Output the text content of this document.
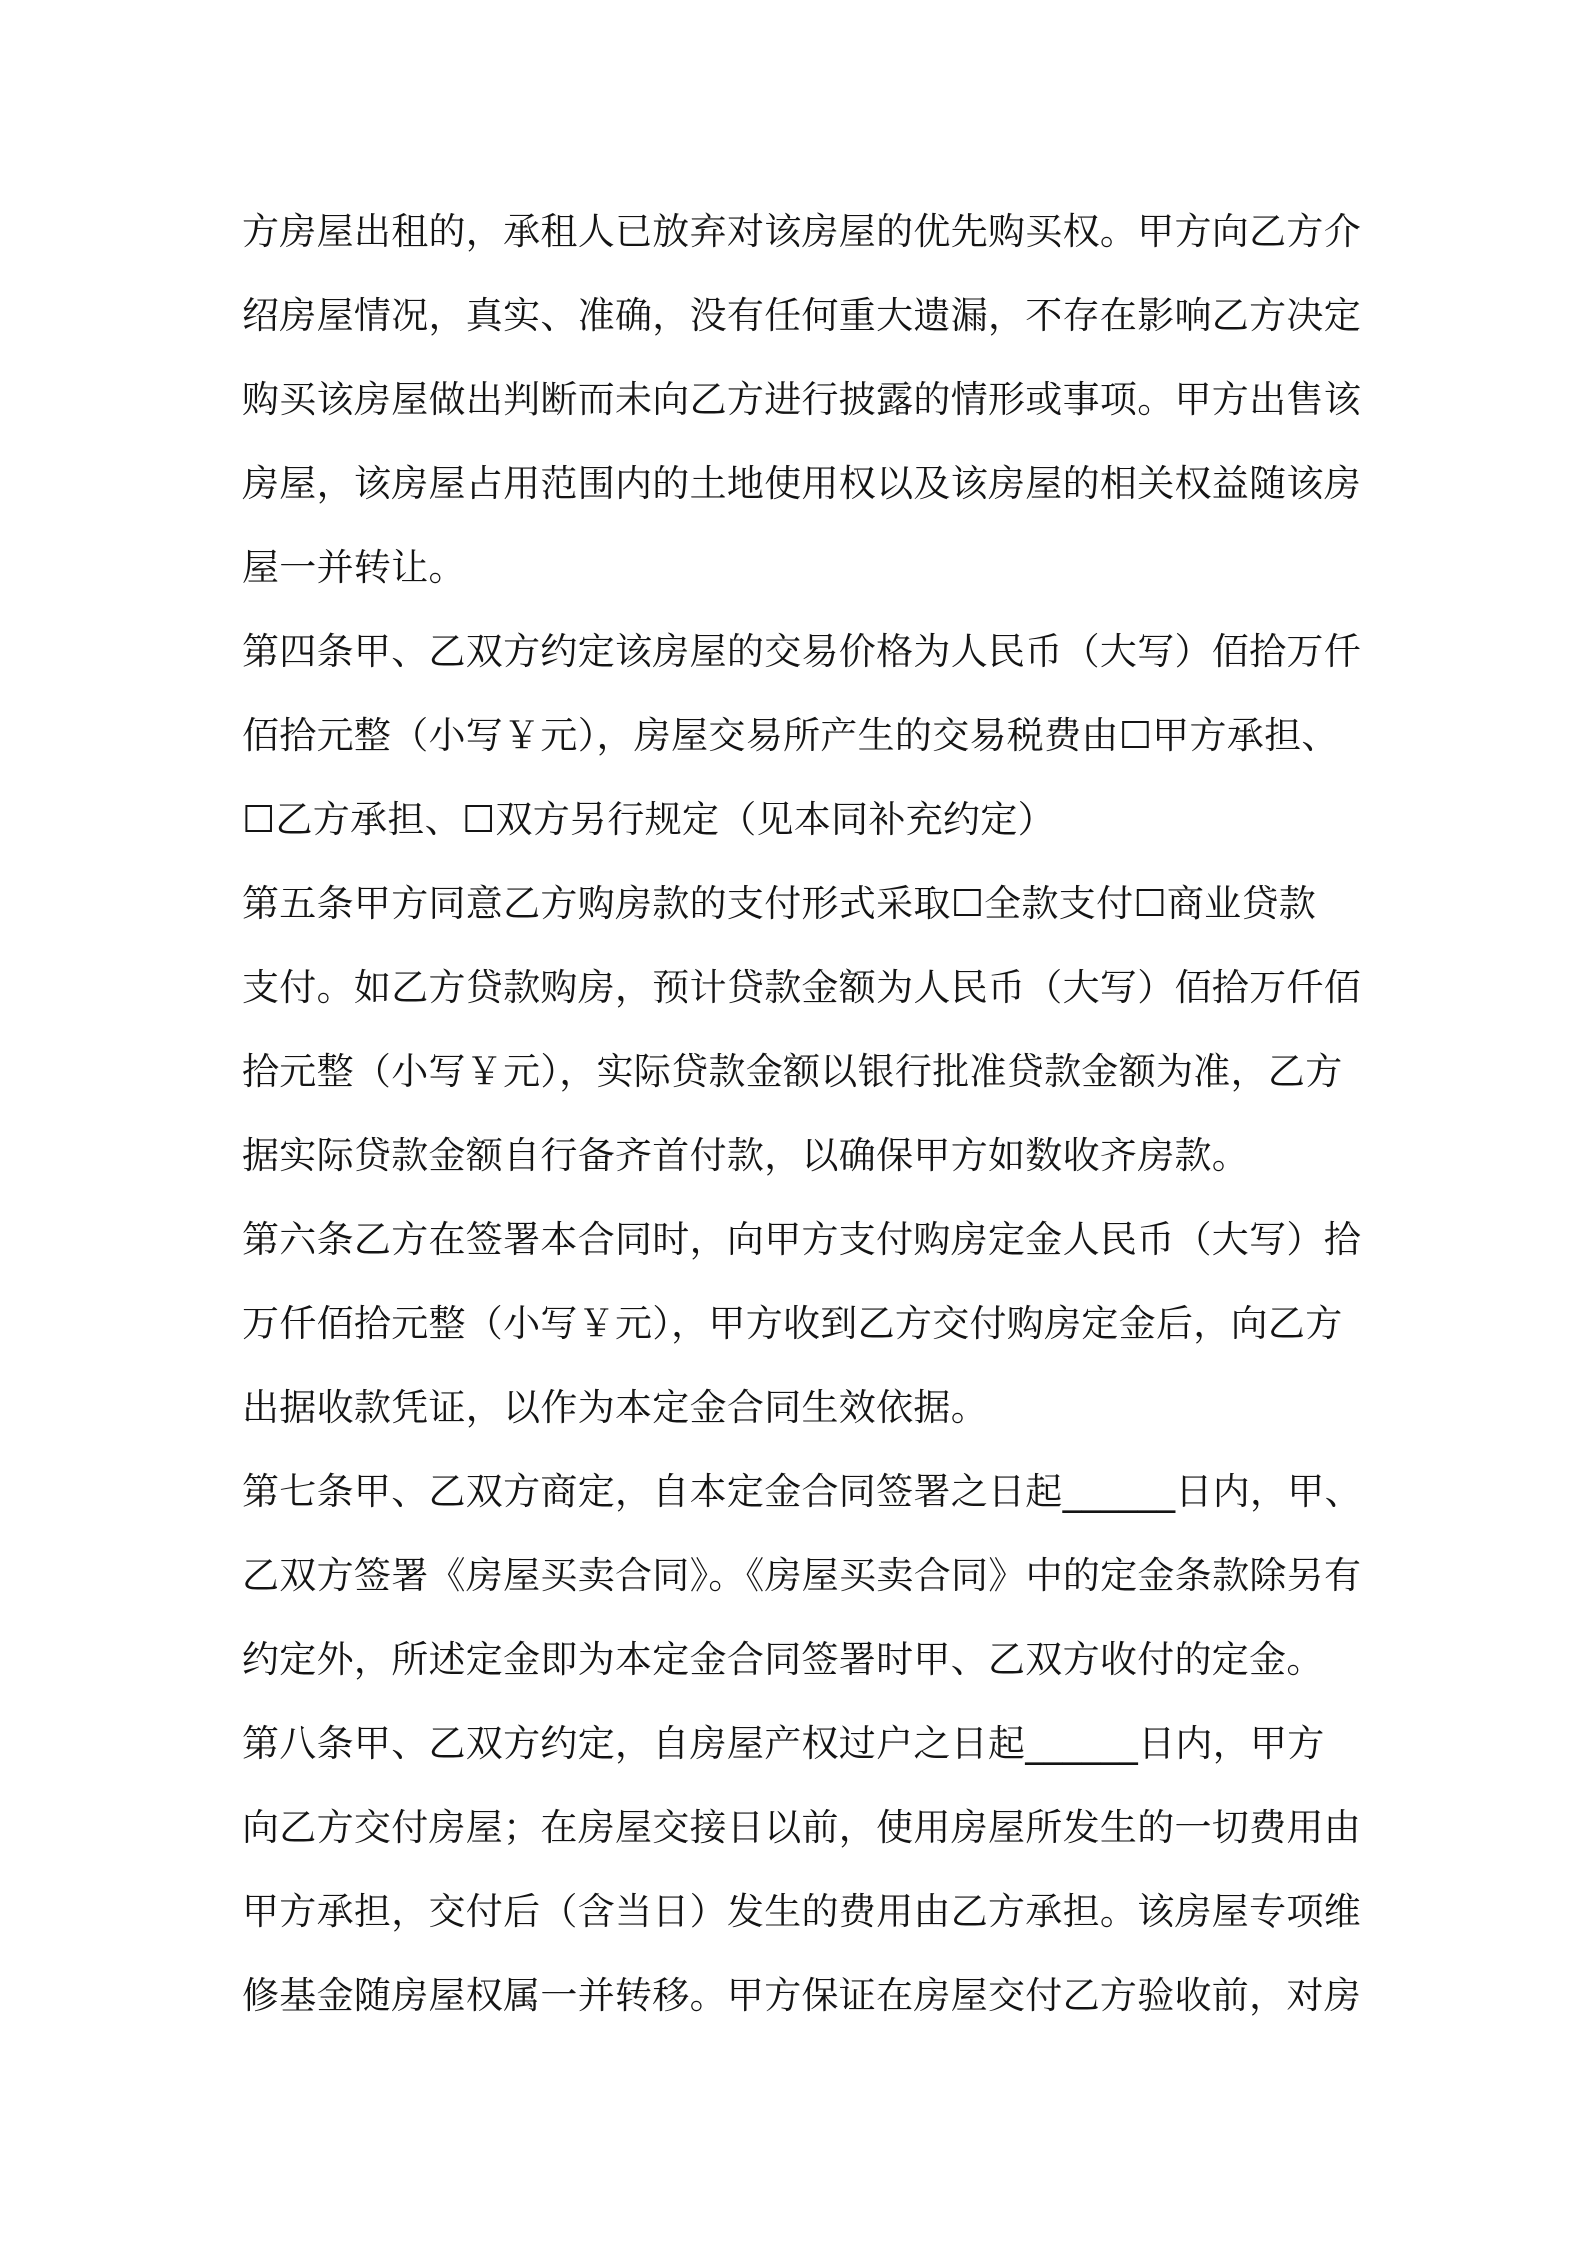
方房屋出租的，承租人已放弃对该房屋的优先购买权。甲方向乙方介
绍房屋情况，真实、准确，没有任何重大遗漏，不存在影响乙方决定
购买该房屋做出判断而未向乙方进行披露的情形或事项。甲方出售该
房屋，该房屋占用范围内的土地使用权以及该房屋的相关权益随该房
屋一并转让。
第四条甲、乙双方约定该房屋的交易价格为人民币（大写）佰拾万仟
佰拾元整（小写￥元），房屋交易所产生的交易税费由☐甲方承担、
☐乙方承担、☐双方另行规定（见本同补充约定）
第五条甲方同意乙方购房款的支付形式采取☐全款支付☐商业贷款
支付。如乙方贷款购房，预计贷款金额为人民币（大写）佰拾万仟佰
拾元整（小写￥元），实际贷款金额以银行批准贷款金额为准，乙方
据实际贷款金额自行备齐首付款，以确保甲方如数收齐房款。
第六条乙方在签署本合同时，向甲方支付购房定金人民币（大写）拾
万仟佰拾元整（小写￥元），甲方收到乙方交付购房定金后，向乙方
出据收款凭证，以作为本定金合同生效依据。
第七条甲、乙双方商定，自本定金合同签署之日起______日内，甲、
乙双方签署《房屋买卖合同》。《房屋买卖合同》中的定金条款除另有
约定外，所述定金即为本定金合同签署时甲、乙双方收付的定金。
第八条甲、乙双方约定，自房屋产权过户之日起______日内，甲方
向乙方交付房屋；在房屋交接日以前，使用房屋所发生的一切费用由
甲方承担，交付后（含当日）发生的费用由乙方承担。该房屋专项维
修基金随房屋权属一并转移。甲方保证在房屋交付乙方验收前，对房
